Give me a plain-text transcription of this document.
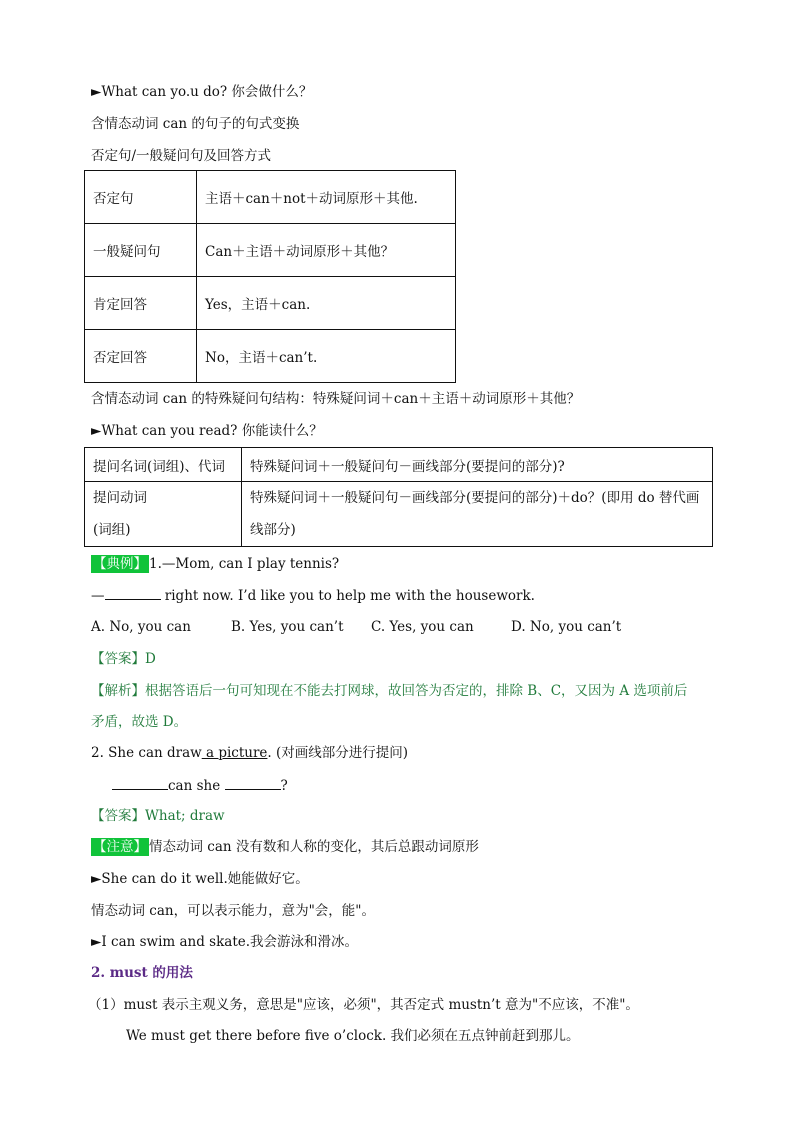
►What can yo.u do? 你会做什么？
含情态动词 can 的句子的句式变换
否定句/一般疑问句及回答方式
否定句	主语＋can＋not＋动词原形＋其他.
一般疑问句	Can＋主语＋动词原形＋其他？
肯定回答	Yes，主语＋can.
否定回答	No，主语＋can’t.
含情态动词 can 的特殊疑问句结构：特殊疑问词＋can＋主语＋动词原形＋其他？
►What can you read? 你能读什么？
提问名词(词组)、代词	特殊疑问词＋一般疑问句－画线部分(要提问的部分)?

提问动词
(词组)	特殊疑问词＋一般疑问句－画线部分(要提问的部分)＋do？(即用 do 替代画
线部分)
【典例】 1.—Mom, can I play tennis?
—	right now. I’d like you to help me with the housework.
A. No, you can	B. Yes, you can’t C. Yes, you can	D. No, you can’t
【答案】D
【解析】根据答语后一句可知现在不能去打网球，故回答为否定的，排除 B、C，又因为 A 选项前后
矛盾，故选 D。
2. She can draw a picture. (对画线部分进行提问)
can she	?
【答案】What; draw
【注意】 情态动词 can 没有数和人称的变化，其后总跟动词原形
►She can do it well.她能做好它。
情态动词 can，可以表示能力，意为"会，能"。
►I can swim and skate.我会游泳和滑冰。
2. must 的用法
（1）must 表示主观义务，意思是"应该，必须"，其否定式 mustn’t 意为"不应该，不准"。
We must get there before five o’clock. 我们必须在五点钟前赶到那儿。
